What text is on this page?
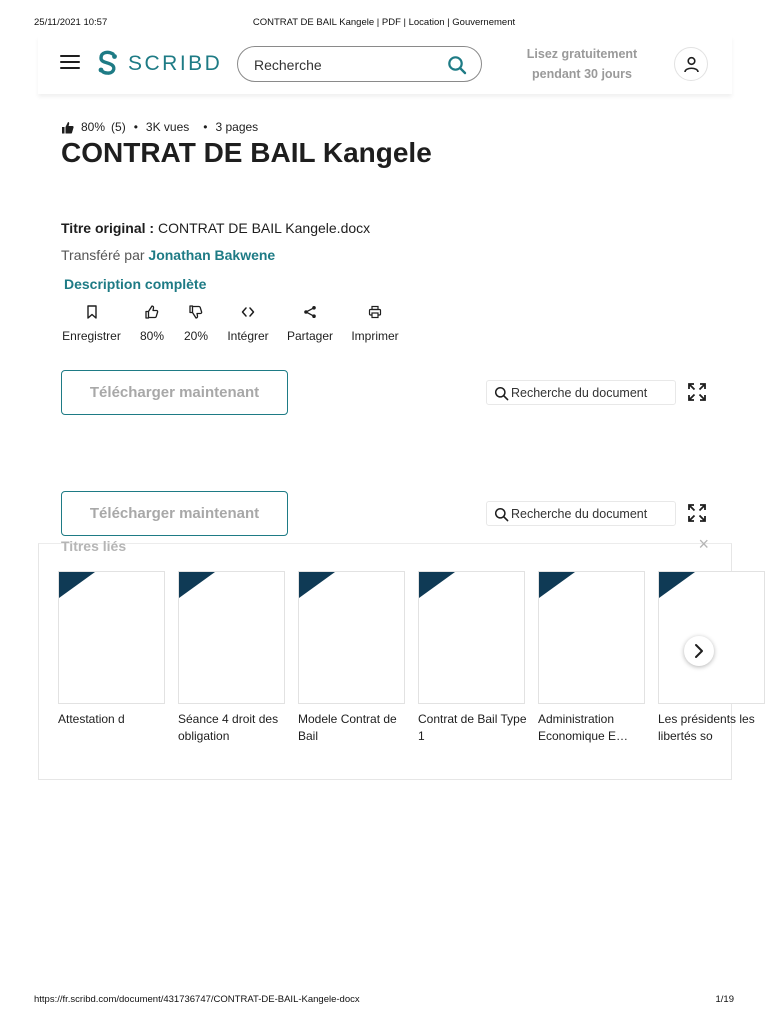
25/11/2021 10:57	CONTRAT DE BAIL Kangele | PDF | Location | Gouvernement
SCRIBD Recherche
Lisez gratuitement
pendant 30 jours
80% (5) • 3K vues • 3 pages
CONTRAT DE BAIL Kangele
Titre original : CONTRAT DE BAIL Kangele.docx
Transféré par Jonathan Bakwene
Description complète
Enregistrer	80%	20%	Intégrer	Partager Imprimer
Télécharger maintenant	Recherche du document
Télécharger maintenant	Recherche du document
Titres liés	×
Attestation d	Séance 4 droit des obligation
Modele Contrat de Bail
Contrat de Bail Type 1
Administration Economique E…
Les présidents les libertés so
https://fr.scribd.com/document/431736747/CONTRAT-DE-BAIL-Kangele-docx	1/19
